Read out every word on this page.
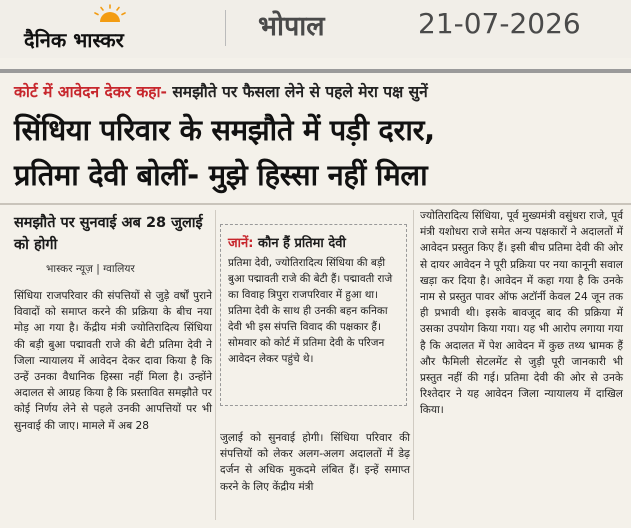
दैनिक भास्कर	भोपाल	21-07-2026
कोर्ट में आवेदन देकर कहा- समझौते पर फैसला लेने से पहले मेरा पक्ष सुनें
सिंधिया परिवार के समझौते में पड़ी दरार,
प्रतिमा देवी बोलीं- मुझे हिस्सा नहीं मिला
समझौते पर सुनवाई अब 28 जुलाई को होगी
भास्कर न्यूज़ | ग्वालियर
सिंधिया राजपरिवार की संपत्तियों से जुड़े वर्षों पुराने विवादों को समाप्त करने की प्रक्रिया के बीच नया मोड़ आ गया है। केंद्रीय मंत्री ज्योतिरादित्य सिंधिया की बड़ी बुआ पद्मावती राजे की बेटी प्रतिमा देवी ने जिला न्यायालय में आवेदन देकर दावा किया है कि उन्हें उनका वैधानिक हिस्सा नहीं मिला है। उन्होंने अदालत से आग्रह किया है कि प्रस्तावित समझौते पर कोई निर्णय लेने से पहले उनकी आपत्तियों पर भी सुनवाई की जाए। मामले में अब 28
जानें: कौन हैं प्रतिमा देवी
प्रतिमा देवी, ज्योतिरादित्य सिंधिया की बड़ी बुआ पद्मावती राजे की बेटी हैं। पद्मावती राजे का विवाह त्रिपुरा राजपरिवार में हुआ था। प्रतिमा देवी के साथ ही उनकी बहन कनिका देवी भी इस संपत्ति विवाद की पक्षकार हैं। सोमवार को कोर्ट में प्रतिमा देवी के परिजन आवेदन लेकर पहुंचे थे।
जुलाई को सुनवाई होगी। सिंधिया परिवार की संपत्तियों को लेकर अलग-अलग अदालतों में डेढ़ दर्जन से अधिक मुकदमे लंबित हैं। इन्हें समाप्त करने के लिए केंद्रीय मंत्री
ज्योतिरादित्य सिंधिया, पूर्व मुख्यमंत्री वसुंधरा राजे, पूर्व मंत्री यशोधरा राजे समेत अन्य पक्षकारों ने अदालतों में आवेदन प्रस्तुत किए हैं। इसी बीच प्रतिमा देवी की ओर से दायर आवेदन ने पूरी प्रक्रिया पर नया कानूनी सवाल खड़ा कर दिया है। आवेदन में कहा गया है कि उनके नाम से प्रस्तुत पावर ऑफ अटॉर्नी केवल 24 जून तक ही प्रभावी थी। इसके बावजूद बाद की प्रक्रिया में उसका उपयोग किया गया। यह भी आरोप लगाया गया है कि अदालत में पेश आवेदन में कुछ तथ्य भ्रामक हैं और फैमिली सेटलमेंट से जुड़ी पूरी जानकारी भी प्रस्तुत नहीं की गई। प्रतिमा देवी की ओर से उनके रिश्तेदार ने यह आवेदन जिला न्यायालय में दाखिल किया।
